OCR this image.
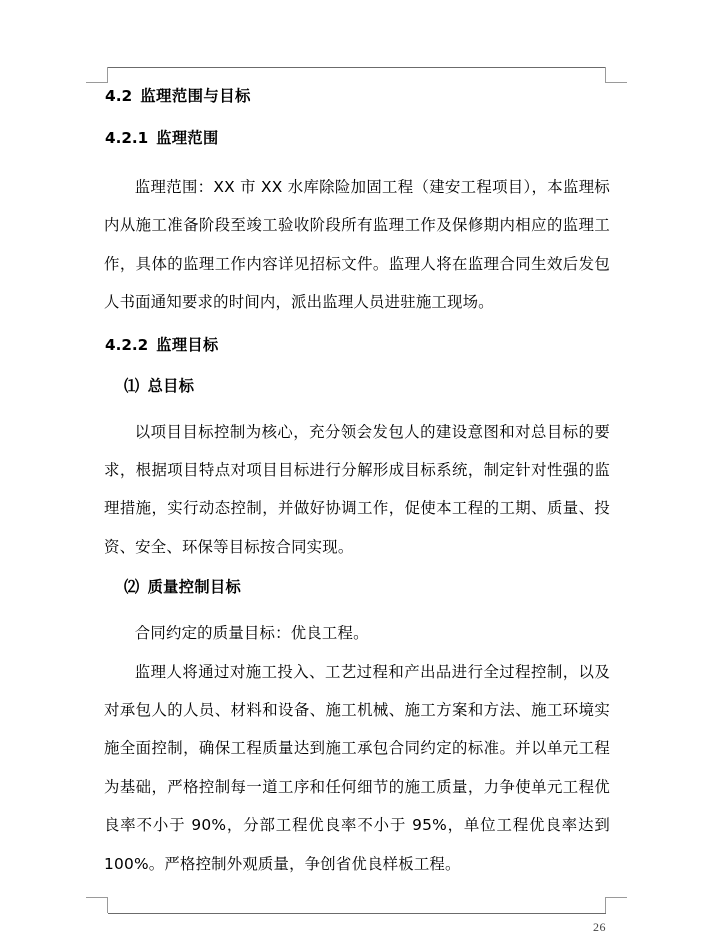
4.2 监理范围与目标
4.2.1 监理范围

监理范围：XX 市 XX 水库除险加固工程（建安工程项目），本监理标内从施工准备阶段至竣工验收阶段所有监理工作及保修期内相应的监理工作，具体的监理工作内容详见招标文件。监理人将在监理合同生效后发包人书面通知要求的时间内，派出监理人员进驻施工现场。

4.2.2 监理目标
⑴ 总目标

以项目目标控制为核心，充分领会发包人的建设意图和对总目标的要求，根据项目特点对项目目标进行分解形成目标系统，制定针对性强的监理措施，实行动态控制，并做好协调工作，促使本工程的工期、质量、投资、安全、环保等目标按合同实现。

⑵ 质量控制目标

合同约定的质量目标：优良工程。

监理人将通过对施工投入、工艺过程和产出品进行全过程控制，以及对承包人的人员、材料和设备、施工机械、施工方案和方法、施工环境实施全面控制，确保工程质量达到施工承包合同约定的标准。并以单元工程为基础，严格控制每一道工序和任何细节的施工质量，力争使单元工程优良率不小于 90%，分部工程优良率不小于 95%，单位工程优良率达到 100%。严格控制外观质量，争创省优良样板工程。

26
